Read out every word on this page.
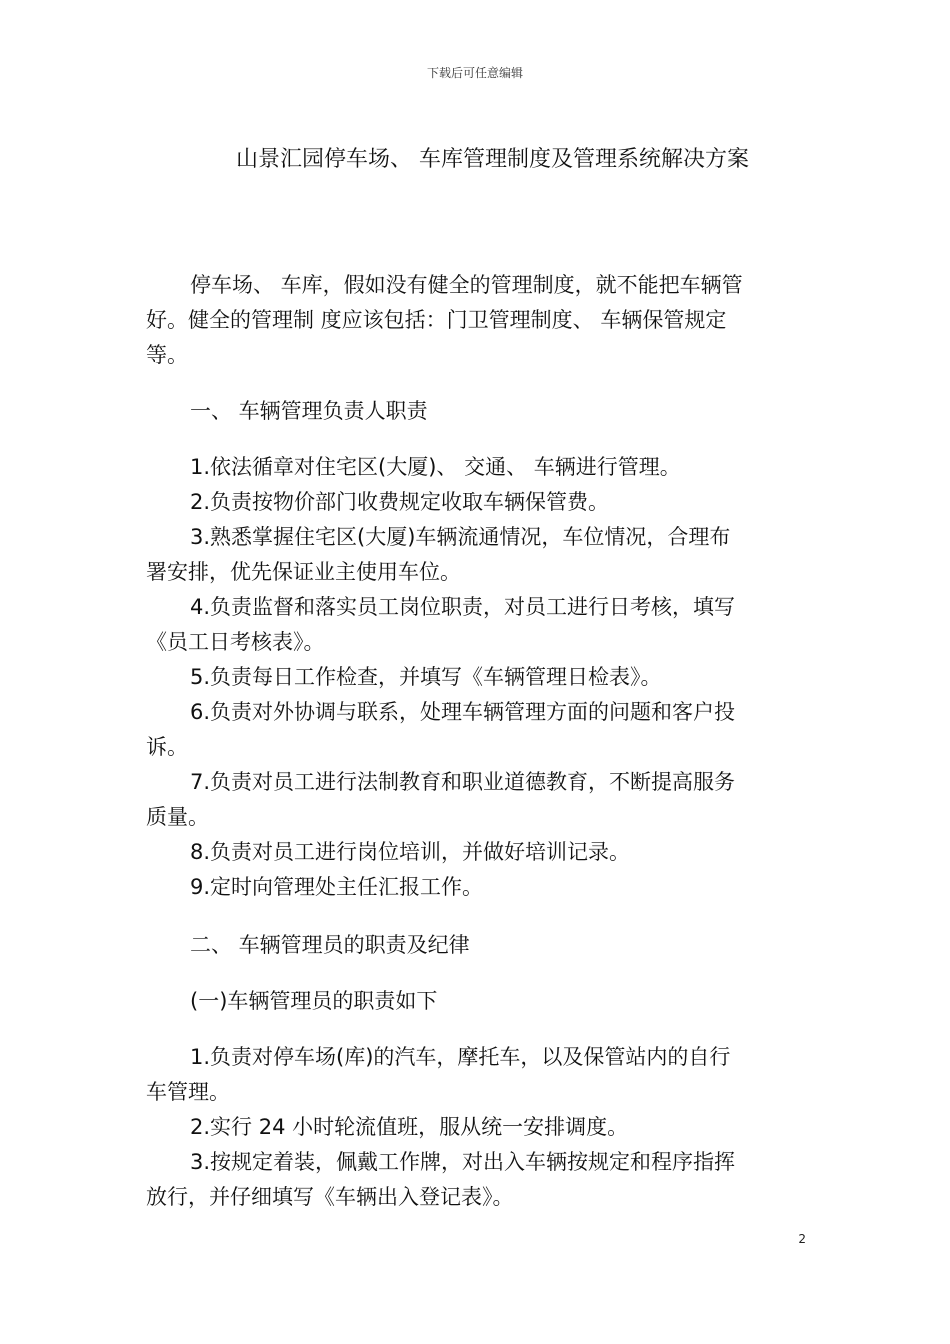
下载后可任意编辑
山景汇园停车场、 车库管理制度及管理系统解决方案
停车场、 车库，假如没有健全的管理制度，就不能把车辆管
好。健全的管理制 度应该包括：门卫管理制度、 车辆保管规定
等。
一、 车辆管理负责人职责
1.依法循章对住宅区(大厦)、 交通、 车辆进行管理。
2.负责按物价部门收费规定收取车辆保管费。
3.熟悉掌握住宅区(大厦)车辆流通情况，车位情况，合理布
署安排，优先保证业主使用车位。
4.负责监督和落实员工岗位职责，对员工进行日考核，填写
《员工日考核表》。
5.负责每日工作检查，并填写《车辆管理日检表》。
6.负责对外协调与联系，处理车辆管理方面的问题和客户投
诉。
7.负责对员工进行法制教育和职业道德教育，不断提高服务
质量。
8.负责对员工进行岗位培训，并做好培训记录。
9.定时向管理处主任汇报工作。
二、 车辆管理员的职责及纪律
(一)车辆管理员的职责如下
1.负责对停车场(库)的汽车，摩托车，以及保管站内的自行
车管理。
2.实行 24 小时轮流值班，服从统一安排调度。
3.按规定着装，佩戴工作牌，对出入车辆按规定和程序指挥
放行，并仔细填写《车辆出入登记表》。
2
